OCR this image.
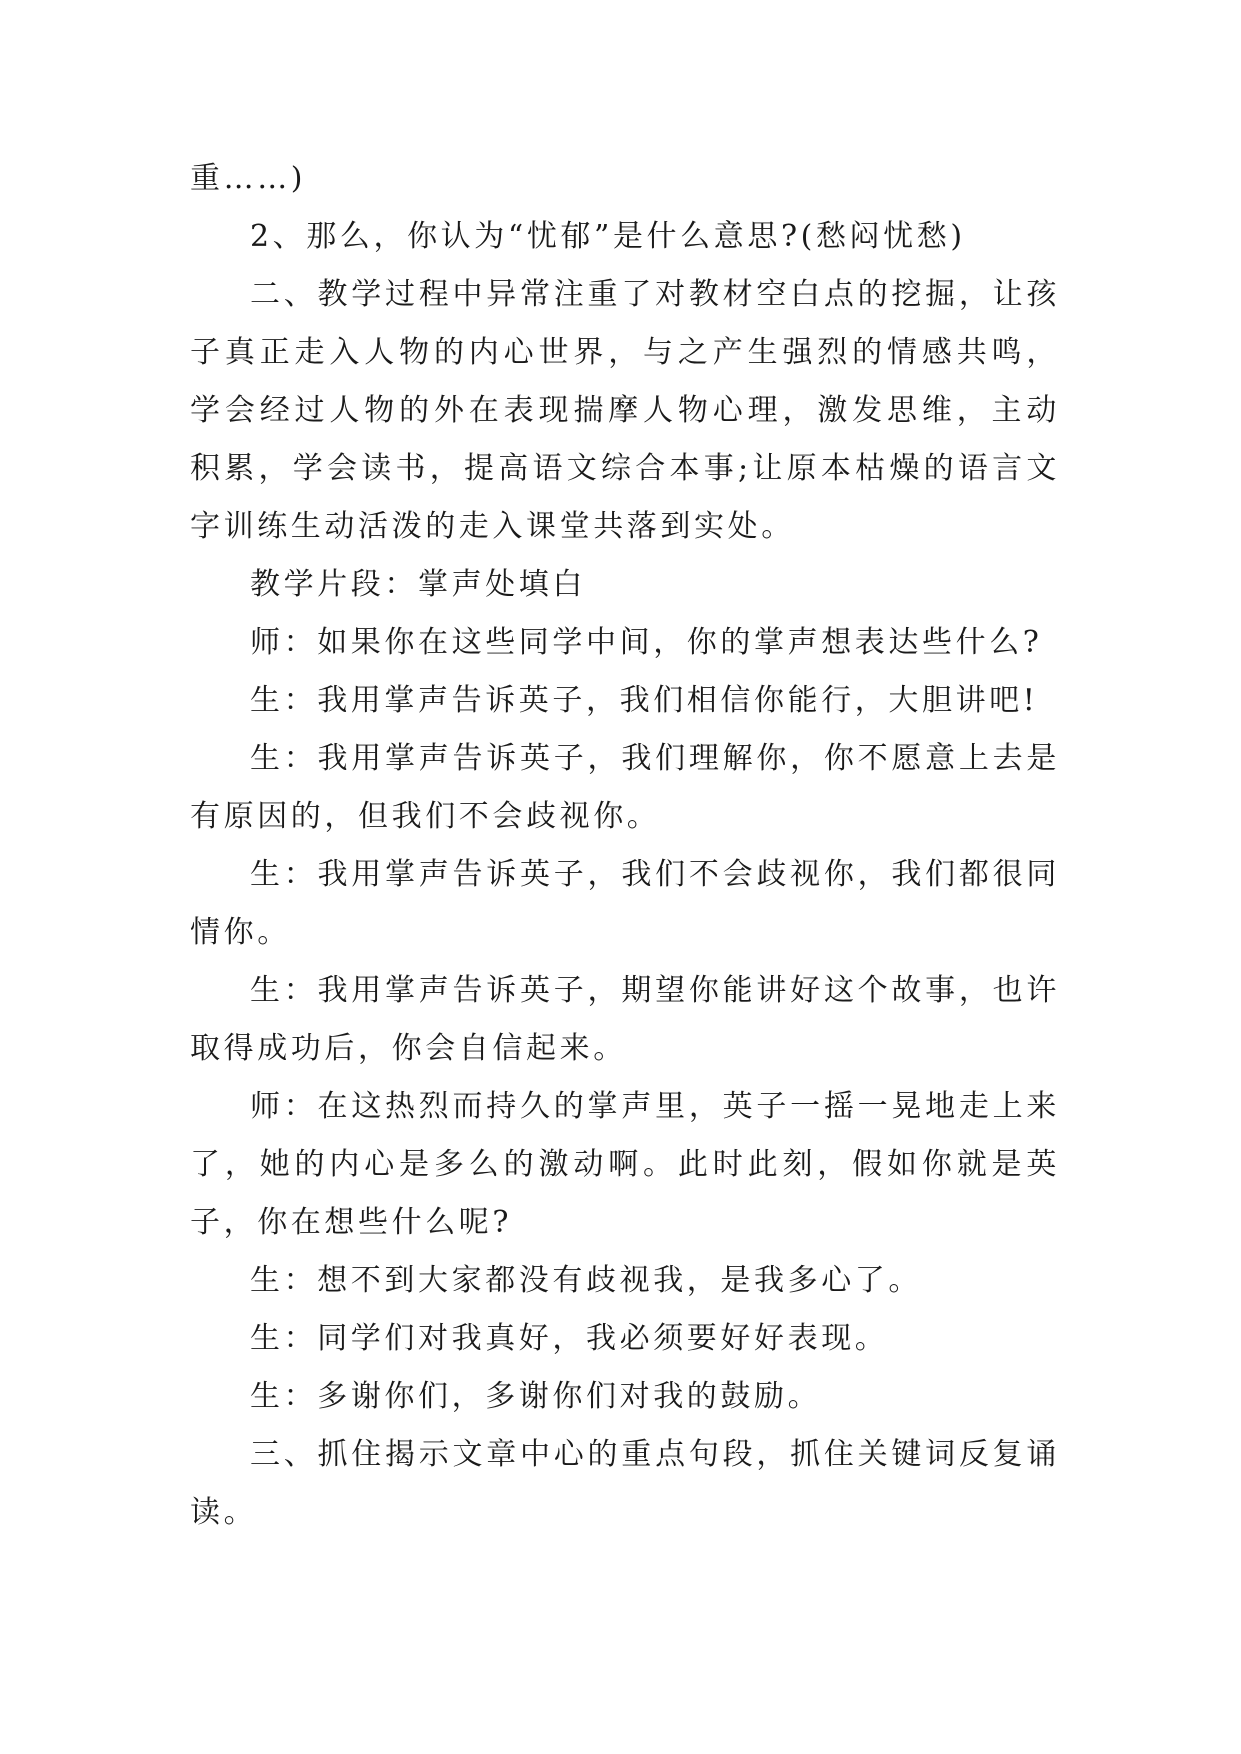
重……)

2、那么，你认为“忧郁”是什么意思?(愁闷忧愁)

二、教学过程中异常注重了对教材空白点的挖掘，让孩子真正走入人物的内心世界，与之产生强烈的情感共鸣，学会经过人物的外在表现揣摩人物心理，激发思维，主动积累，学会读书，提高语文综合本事;让原本枯燥的语言文字训练生动活泼的走入课堂共落到实处。

教学片段：掌声处填白

师：如果你在这些同学中间，你的掌声想表达些什么?

生：我用掌声告诉英子，我们相信你能行，大胆讲吧!

生：我用掌声告诉英子，我们理解你，你不愿意上去是有原因的，但我们不会歧视你。

生：我用掌声告诉英子，我们不会歧视你，我们都很同情你。

生：我用掌声告诉英子，期望你能讲好这个故事，也许取得成功后，你会自信起来。

师：在这热烈而持久的掌声里，英子一摇一晃地走上来了，她的内心是多么的激动啊。此时此刻，假如你就是英子，你在想些什么呢?

生：想不到大家都没有歧视我，是我多心了。

生：同学们对我真好，我必须要好好表现。

生：多谢你们，多谢你们对我的鼓励。

三、抓住揭示文章中心的重点句段，抓住关键词反复诵读。
